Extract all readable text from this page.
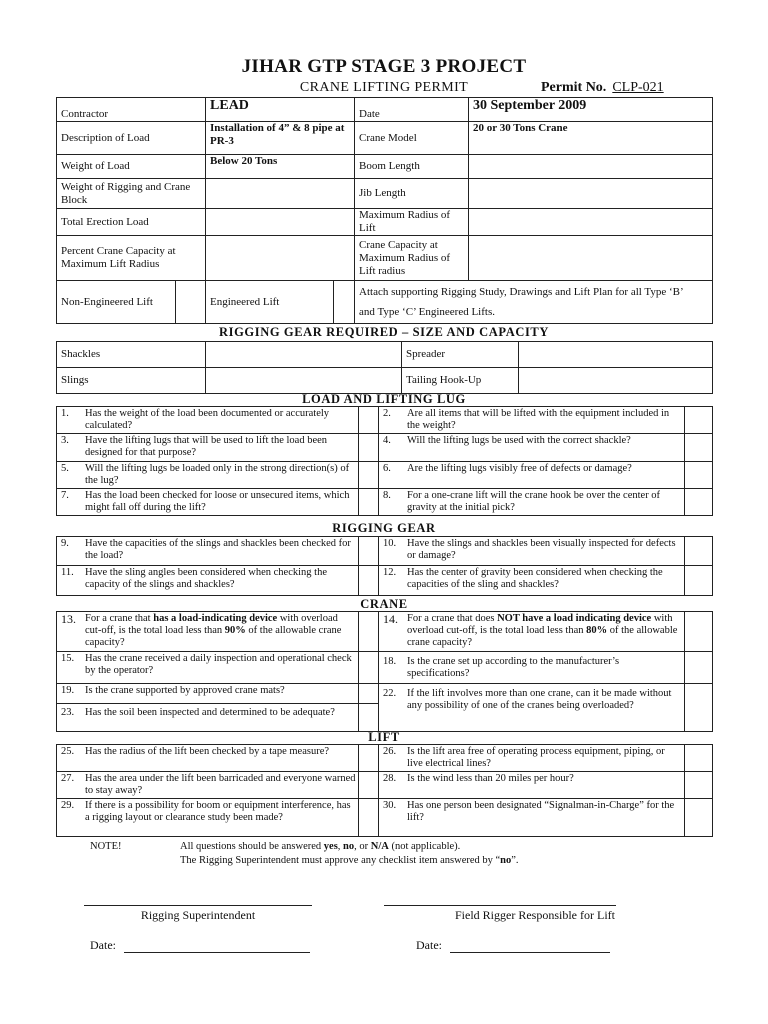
JIHAR GTP STAGE 3 PROJECT
CRANE LIFTING PERMIT	Permit No. CLP-021
Contractor		LEAD		Date	30 September 2009
Description of Load		Installation of 4” & 8 pipe at PR-3		Crane Model	20 or 30 Tons Crane
Weight of Load		Below 20 Tons		Boom Length	
Weight of Rigging and Crane Block				Jib Length	
Total Erection Load				Maximum Radius of Lift	
Percent Crane Capacity at Maximum Lift Radius				Crane Capacity at Maximum Radius of Lift radius	
Non-Engineered Lift		Engineered Lift		Attach supporting Rigging Study, Drawings and Lift Plan for all Type ‘B’
and Type ‘C’ Engineered Lifts.	
RIGGING GEAR REQUIRED – SIZE AND CAPACITY
Shackles		Spreader	
Slings		Tailing Hook-Up	
LOAD AND LIFTING LUG
1. Has the weight of the load been documented or accurately calculated?		2. Are all items that will be lifted with the equipment included in the weight?	

3. Have the lifting lugs that will be used to lift the load been designed for that purpose?		4. Will the lifting lugs be used with the correct shackle?	

5. Will the lifting lugs be loaded only in the strong direction(s) of the lug?		6. Are the lifting lugs visibly free of defects or damage?	

7. Has the load been checked for loose or unsecured items, which might fall off during the lift?		8. For a one-crane lift will the crane hook be over the center of gravity at the initial pick?	

RIGGING GEAR
9. Have the capacities of the slings and shackles been checked for the load?		10. Have the slings and shackles been visually inspected for defects or damage?	

11. Have the sling angles been considered when checking the capacity of the slings and shackles?		12. Has the center of gravity been considered when checking the capacities of the sling and shackles?	

CRANE
13. For a crane that has a load-indicating device with overload cut-off, is the total load less than 90% of the allowable crane capacity?		14. For a crane that does NOT have a load indicating device with overload cut-off, is the total load less than 80% of the allowable crane capacity?	

15. Has the crane received a daily inspection and operational check by the operator?		18. Is the crane set up according to the manufacturer’s specifications?	

19. Is the crane supported by approved crane mats?		22. If the lift involves more than one crane, can it be made without any possibility of one of the cranes being overloaded?	

23. Has the soil been inspected and determined to be adequate?			

LIFT
25. Has the radius of the lift been checked by a tape measure?		26. Is the lift area free of operating process equipment, piping, or live electrical lines?	

27. Has the area under the lift been barricaded and everyone warned to stay away?		28. Is the wind less than 20 miles per hour?	

29. If there is a possibility for boom or equipment interference, has a rigging layout or clearance study been made?		30. Has one person been designated “Signalman-in-Charge” for the lift?	

NOTE!	All questions should be answered yes, no, or N/A (not applicable).
The Rigging Superintendent must approve any checklist item answered by “no”.
Rigging Superintendent	Field Rigger Responsible for Lift
Date:	Date:
